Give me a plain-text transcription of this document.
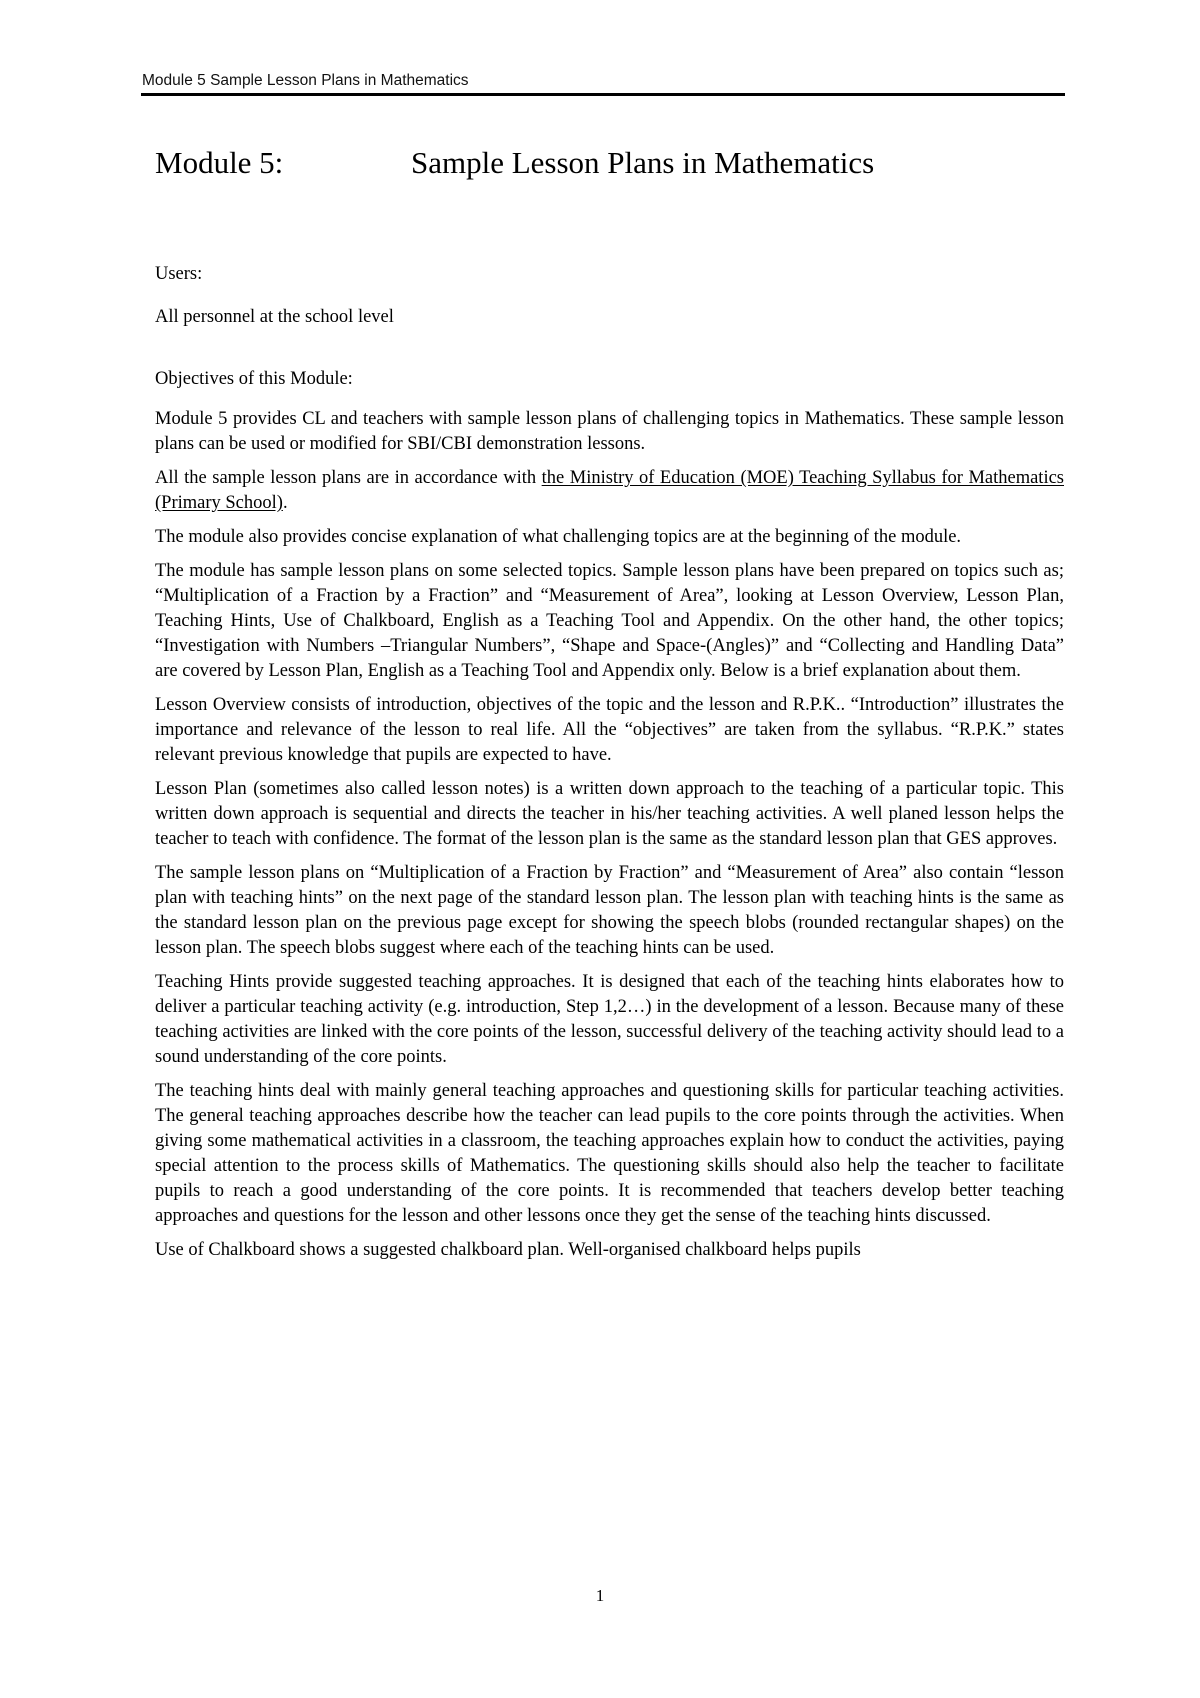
Module 5 Sample Lesson Plans in Mathematics
Module 5:	Sample Lesson Plans in Mathematics

Users:

All personnel at the school level

Objectives of this Module:

Module 5 provides CL and teachers with sample lesson plans of challenging topics in Mathematics. These sample lesson plans can be used or modified for SBI/CBI demonstration lessons.

All the sample lesson plans are in accordance with the Ministry of Education (MOE) Teaching Syllabus for Mathematics (Primary School).

The module also provides concise explanation of what challenging topics are at the beginning of the module.

The module has sample lesson plans on some selected topics. Sample lesson plans have been prepared on topics such as; “Multiplication of a Fraction by a Fraction” and “Measurement of Area”, looking at Lesson Overview, Lesson Plan, Teaching Hints, Use of Chalkboard, English as a Teaching Tool and Appendix. On the other hand, the other topics; “Investigation with Numbers –Triangular Numbers”, “Shape and Space-(Angles)” and “Collecting and Handling Data” are covered by Lesson Plan, English as a Teaching Tool and Appendix only. Below is a brief explanation about them.

Lesson Overview consists of introduction, objectives of the topic and the lesson and R.P.K.. “Introduction” illustrates the importance and relevance of the lesson to real life. All the “objectives” are taken from the syllabus. “R.P.K.” states relevant previous knowledge that pupils are expected to have.

Lesson Plan (sometimes also called lesson notes) is a written down approach to the teaching of a particular topic. This written down approach is sequential and directs the teacher in his/her teaching activities. A well planed lesson helps the teacher to teach with confidence. The format of the lesson plan is the same as the standard lesson plan that GES approves.

The sample lesson plans on “Multiplication of a Fraction by Fraction” and “Measurement of Area” also contain “lesson plan with teaching hints” on the next page of the standard lesson plan. The lesson plan with teaching hints is the same as the standard lesson plan on the previous page except for showing the speech blobs (rounded rectangular shapes) on the lesson plan. The speech blobs suggest where each of the teaching hints can be used.

Teaching Hints provide suggested teaching approaches. It is designed that each of the teaching hints elaborates how to deliver a particular teaching activity (e.g. introduction, Step 1,2…) in the development of a lesson. Because many of these teaching activities are linked with the core points of the lesson, successful delivery of the teaching activity should lead to a sound understanding of the core points.

The teaching hints deal with mainly general teaching approaches and questioning skills for particular teaching activities. The general teaching approaches describe how the teacher can lead pupils to the core points through the activities. When giving some mathematical activities in a classroom, the teaching approaches explain how to conduct the activities, paying special attention to the process skills of Mathematics. The questioning skills should also help the teacher to facilitate pupils to reach a good understanding of the core points. It is recommended that teachers develop better teaching approaches and questions for the lesson and other lessons once they get the sense of the teaching hints discussed.

Use of Chalkboard shows a suggested chalkboard plan. Well-organised chalkboard helps pupils

1
